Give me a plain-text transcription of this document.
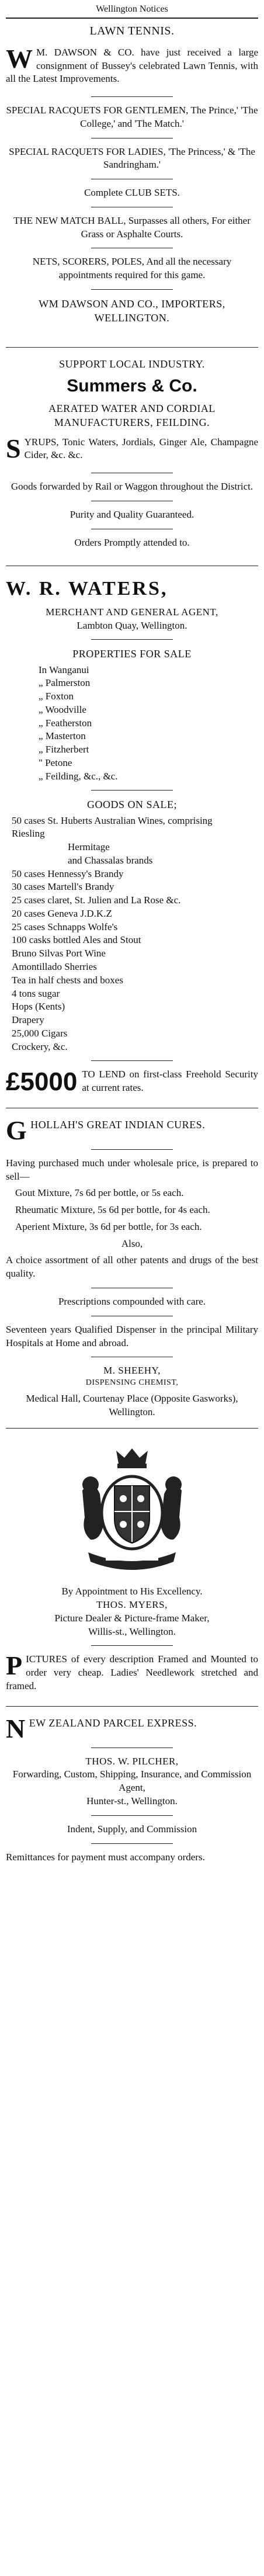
Wellington Notices
LAWN TENNIS.
W M. DAWSON & CO. have just received a large consignment of Bussey's celebrated Lawn Tennis, with all the Latest Improvements.
SPECIAL RACQUETS FOR GENTLEMEN, The Prince,' 'The College,' and 'The Match.'
SPECIAL RACQUETS FOR LADIES, 'The Princess,' & 'The Sandringham.'
Complete CLUB SETS.
THE NEW MATCH BALL, Surpasses all others, For either Grass or Asphalte Courts.
NETS, SCORERS, POLES, And all the necessary appointments required for this game.
WM DAWSON AND CO., IMPORTERS, WELLINGTON.
SUPPORT LOCAL INDUSTRY.
Summers & Co.
AERATED WATER AND CORDIAL MANUFACTURERS, FEILDING.
S YRUPS, Tonic Waters, Jordials, Ginger Ale, Champagne Cider, &c. &c.
Goods forwarded by Rail or Waggon throughout the District.
Purity and Quality Guaranteed.
Orders Promptly attended to.
W. R. WATERS,
MERCHANT AND GENERAL AGENT,
Lambton Quay, Wellington.
PROPERTIES FOR SALE
In Wanganui
„ Palmerston
„ Foxton
„ Woodville
„ Featherston
„ Masterton
„ Fitzherbert
" Petone
„ Feilding, &c., &c.
GOODS ON SALE;
50 cases St. Huberts Australian Wines, comprising
Riesling
Hermitage
and Chassalas brands
50 cases Hennessy's Brandy
30 cases Martell's Brandy
25 cases claret, St. Julien and La Rose &c.
20 cases Geneva J.D.K.Z
25 cases Schnapps Wolfe's
100 casks bottled Ales and Stout
Bruno Silvas Port Wine
Amontillado Sherries
Tea in half chests and boxes
4 tons sugar
Hops (Kents)
Drapery
25,000 Cigars
Crockery, &c.
£5000 TO LEND on first-class Freehold Security at current rates.
G HOLLAH'S GREAT INDIAN CURES.
Having purchased much under wholesale price, is prepared to sell—
Gout Mixture, 7s 6d per bottle, or 5s each.
Rheumatic Mixture, 5s 6d per bottle, for 4s each.
Aperient Mixture, 3s 6d per bottle, for 3s each.
Also,
A choice assortment of all other patents and drugs of the best quality.
Prescriptions compounded with care.
Seventeen years Qualified Dispenser in the principal Military Hospitals at Home and abroad.
M. SHEEHY,
DISPENSING CHEMIST,
Medical Hall, Courtenay Place (Opposite Gasworks), Wellington.
By Appointment to His Excellency.
THOS. MYERS,
Picture Dealer & Picture-frame Maker,
Willis-st., Wellington.
P ICTURES of every description Framed and Mounted to order very cheap. Ladies' Needlework stretched and framed.
N EW ZEALAND PARCEL EXPRESS.
THOS. W. PILCHER,
Forwarding, Custom, Shipping, Insurance, and Commission Agent,
Hunter-st., Wellington.
Indent, Supply, and Commission
Remittances for payment must accompany orders.
